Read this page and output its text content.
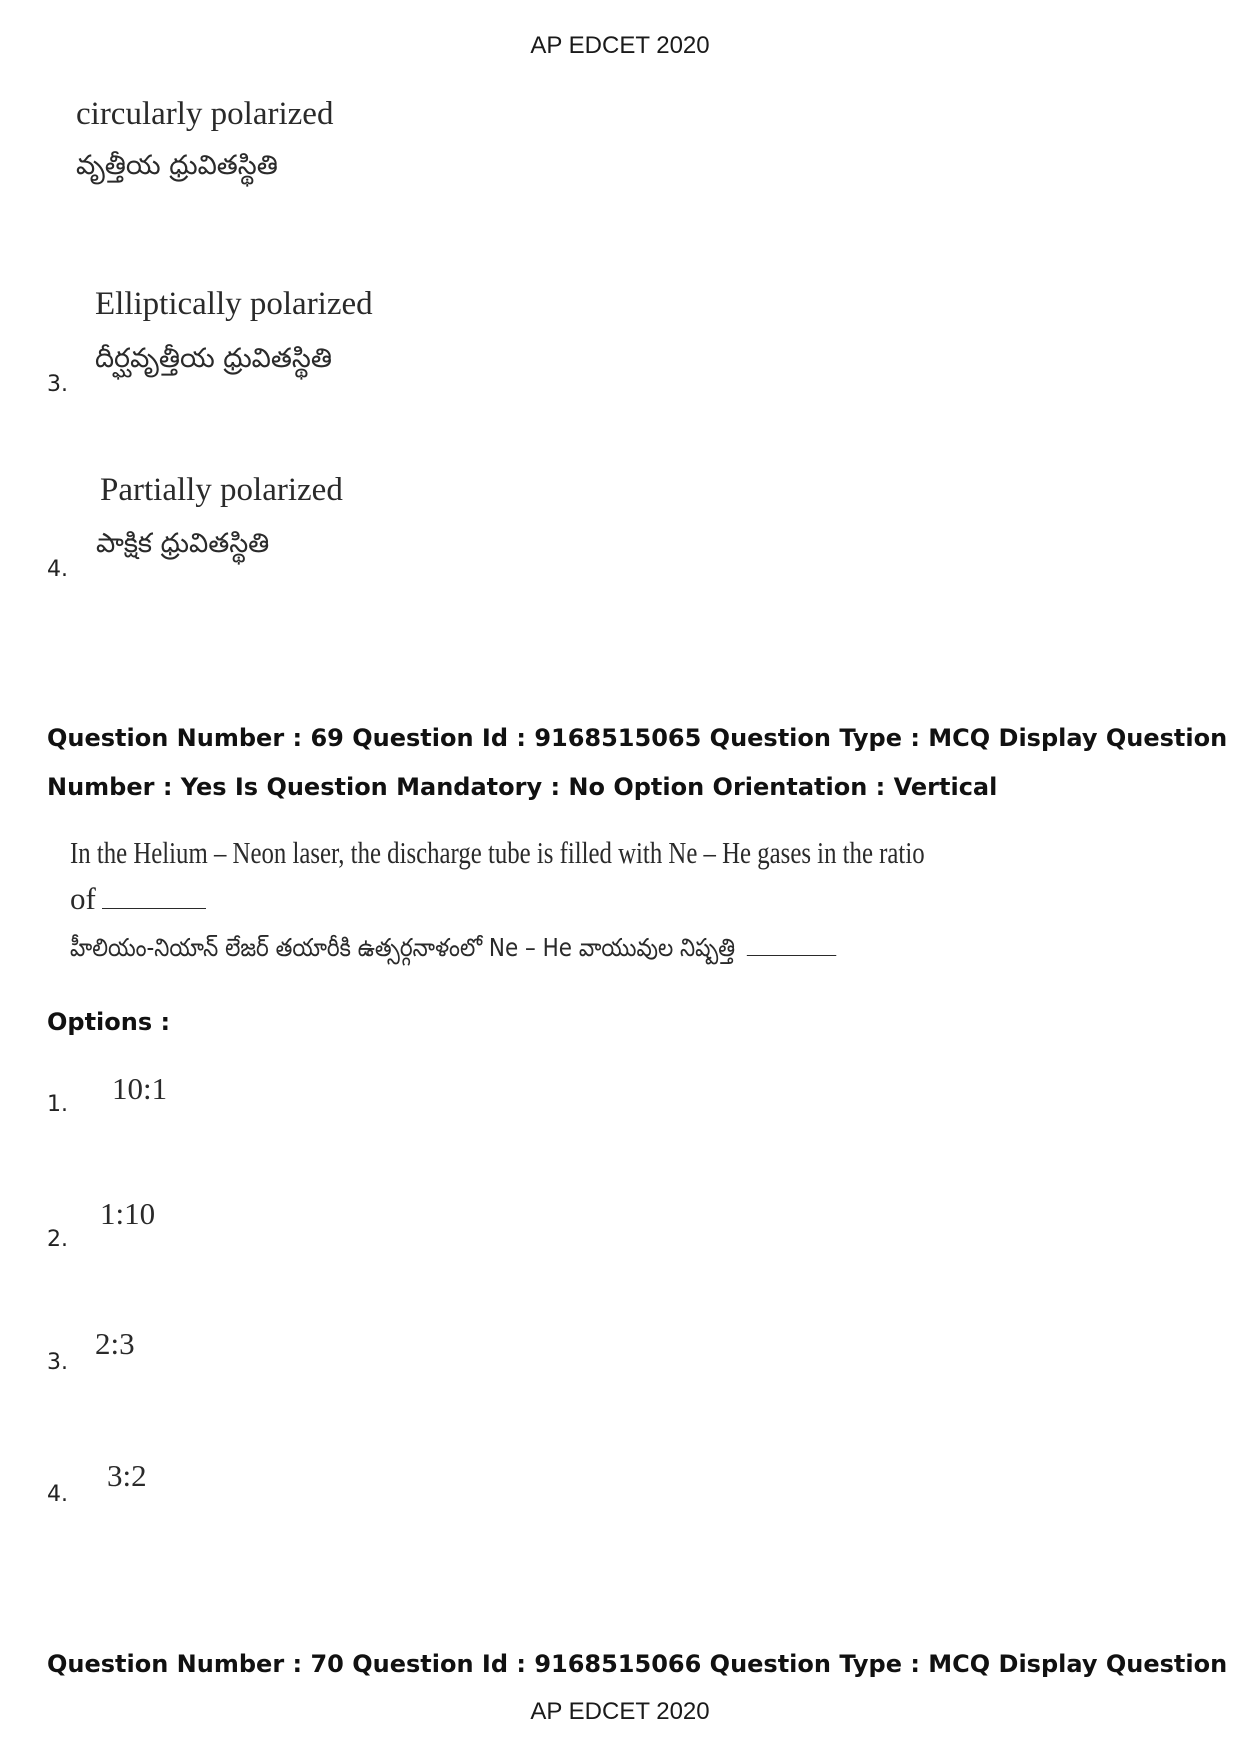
AP EDCET 2020
circularly polarized
వృత్తీయ ధ్రువితస్థితి
Elliptically polarized
దీర్ఘవృత్తీయ ధ్రువితస్థితి
3.
Partially polarized
పాక్షిక ధ్రువితస్థితి
4.
Question Number : 69 Question Id : 9168515065 Question Type : MCQ Display Question
Number : Yes Is Question Mandatory : No Option Orientation : Vertical
In the Helium – Neon laser, the discharge tube is filled with Ne – He gases in the ratio
of
హీలియం-నియాన్ లేజర్ తయారీకి ఉత్సర్గనాళంలో Ne – He వాయువుల నిష్పత్తి
Options :
1. 10:1
2.
1:10
3.
2:3
4.
3:2
Question Number : 70 Question Id : 9168515066 Question Type : MCQ Display Question
AP EDCET 2020
